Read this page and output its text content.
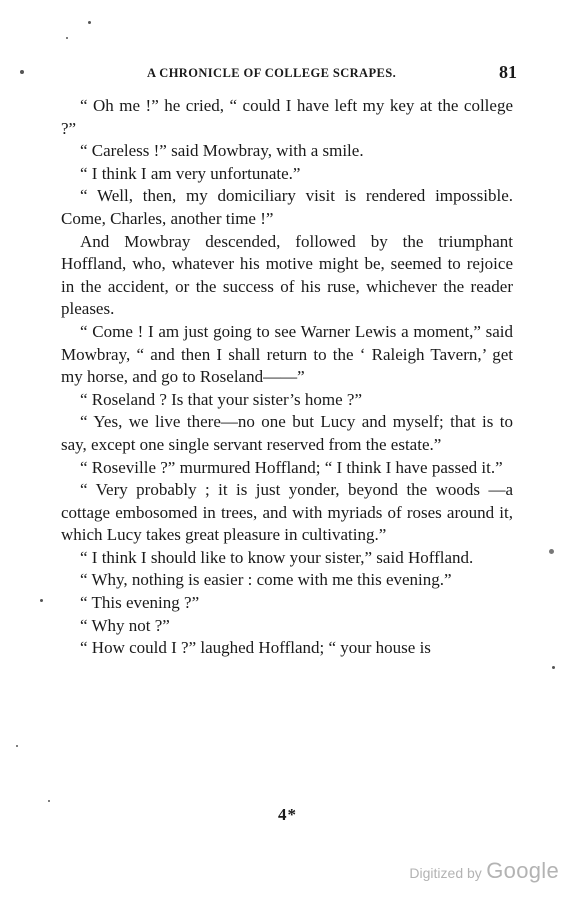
A CHRONICLE OF COLLEGE SCRAPES.	81

“ Oh me !” he cried, “ could I have left my key at the college ?”

“ Careless !” said Mowbray, with a smile.

“ I think I am very unfortunate.”

“ Well, then, my domiciliary visit is rendered impossible. Come, Charles, another time !”

And Mowbray descended, followed by the triumphant Hoffland, who, whatever his motive might be, seemed to rejoice in the accident, or the success of his ruse, whichever the reader pleases.

“ Come ! I am just going to see Warner Lewis a moment,” said Mowbray, “ and then I shall return to the ‘ Raleigh Tavern,’ get my horse, and go to Roseland——”

“ Roseland ? Is that your sister’s home ?”

“ Yes, we live there—no one but Lucy and myself; that is to say, except one single servant reserved from the estate.”

“ Roseville ?” murmured Hoffland; “ I think I have passed it.”

“ Very probably ; it is just yonder, beyond the woods —a cottage embosomed in trees, and with myriads of roses around it, which Lucy takes great pleasure in cultivating.”

“ I think I should like to know your sister,” said Hoffland.

“ Why, nothing is easier : come with me this evening.”

“ This evening ?”

“ Why not ?”

“ How could I ?” laughed Hoffland; “ your house is

4*
Digitized by Google
